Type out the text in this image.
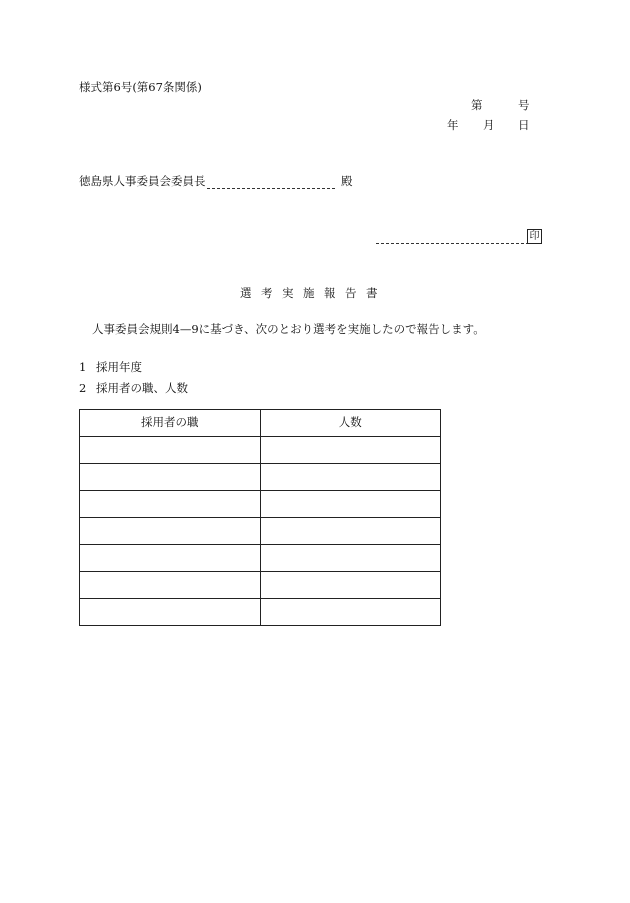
様式第6号(第67条関係)
第	号
年 月 日
徳島県人事委員会委員長	殿
印
選考実施報告書
人事委員会規則4—9に基づき、次のとおり選考を実施したので報告します。
1 採用年度
2 採用者の職、人数
採用者の職	人数
